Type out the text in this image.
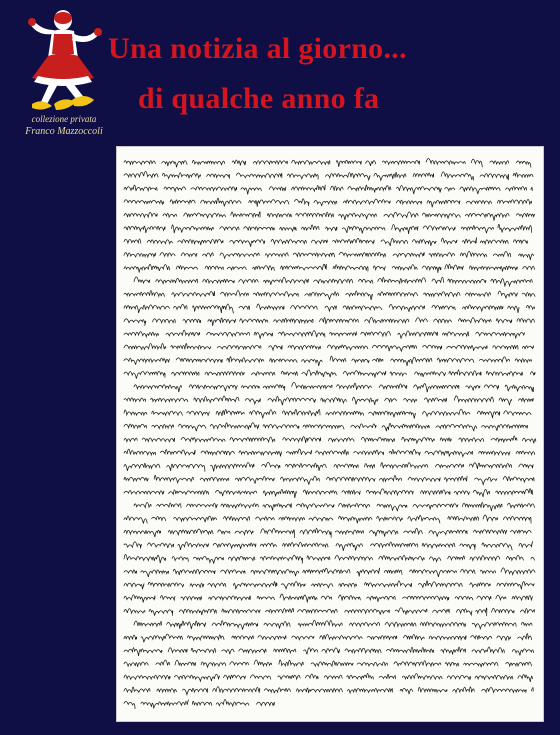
collezione privata
Franco Mazzoccoli
Una notizia al giorno...
di qualche anno fa
